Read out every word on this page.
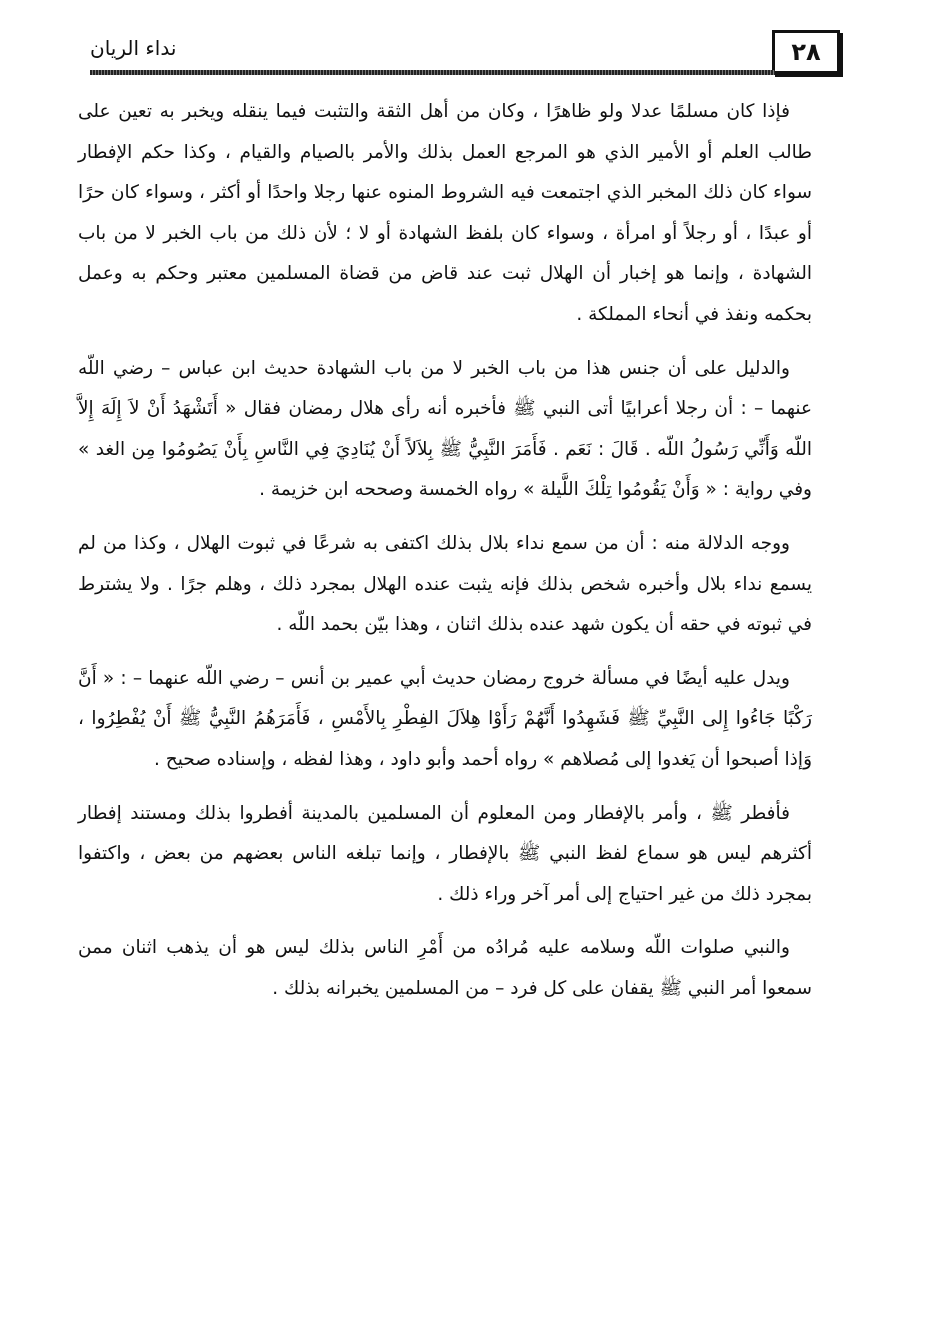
٢٨
نداء الريان

فإذا كان مسلمًا عدلا ولو ظاهرًا ، وكان من أهل الثقة والتثبت فيما ينقله ويخبر به تعين على طالب العلم أو الأمير الذي هو المرجع العمل بذلك والأمر بالصيام والقيام ، وكذا حكم الإفطار سواء كان ذلك المخبر الذي اجتمعت فيه الشروط المنوه عنها رجلا واحدًا أو أكثر ، وسواء كان حرًا أو عبدًا ، أو رجلاً أو امرأة ، وسواء كان بلفظ الشهادة أو لا ؛ لأن ذلك من باب الخبر لا من باب الشهادة ، وإنما هو إخبار أن الهلال ثبت عند قاض من قضاة المسلمين معتبر وحكم به وعمل بحكمه ونفذ في أنحاء المملكة .

والدليل على أن جنس هذا من باب الخبر لا من باب الشهادة حديث ابن عباس – رضي اللّه عنهما – : أن رجلا أعرابيًا أتى النبي ﷺ فأخبره أنه رأى هلال رمضان فقال « أَتَشْهَدُ أَنْ لاَ إِلَهَ إِلاَّ اللّه وَأَنِّي رَسُولُ اللّه . قَالَ : نَعَم . فَأَمَرَ النَّبِيُّ ﷺ بِلاَلاً أَنْ يُنَادِيَ فِي النَّاسِ بِأَنْ يَصُومُوا مِن الغد » وفي رواية : « وَأَنْ يَقُومُوا تِلْكَ اللَّيلة » رواه الخمسة وصححه ابن خزيمة .

ووجه الدلالة منه : أن من سمع نداء بلال بذلك اكتفى به شرعًا في ثبوت الهلال ، وكذا من لم يسمع نداء بلال وأخبره شخص بذلك فإنه يثبت عنده الهلال بمجرد ذلك ، وهلم جرًا . ولا يشترط في ثبوته في حقه أن يكون شهد عنده بذلك اثنان ، وهذا بيّن بحمد اللّه .

ويدل عليه أيضًا في مسألة خروج رمضان حديث أبي عمير بن أنس – رضي اللّه عنهما – : « أَنَّ رَكْبًا جَاءُوا إِلى النَّبِيِّ ﷺ فَشَهِدُوا أَنَّهُمْ رَأَوْا هِلاَلَ الفِطْرِ بِالأَمْسِ ، فَأَمَرَهُمُ النَّبِيُّ ﷺ أَنْ يُفْطِرُوا ، وَإذا أصبحوا أن يَغدوا إلى مُصلاهم » رواه أحمد وأبو داود ، وهذا لفظه ، وإسناده صحيح .

فأفطر ﷺ ، وأمر بالإفطار ومن المعلوم أن المسلمين بالمدينة أفطروا بذلك ومستند إفطار أكثرهم ليس هو سماع لفظ النبي ﷺ بالإفطار ، وإنما تبلغه الناس بعضهم من بعض ، واكتفوا بمجرد ذلك من غير احتياج إلى أمر آخر وراء ذلك .

والنبي صلوات اللّه وسلامه عليه مُرادُه من أَمْرِ الناس بذلك ليس هو أن يذهب اثنان ممن سمعوا أمر النبي ﷺ يقفان على كل فرد – من المسلمين يخبرانه بذلك .
